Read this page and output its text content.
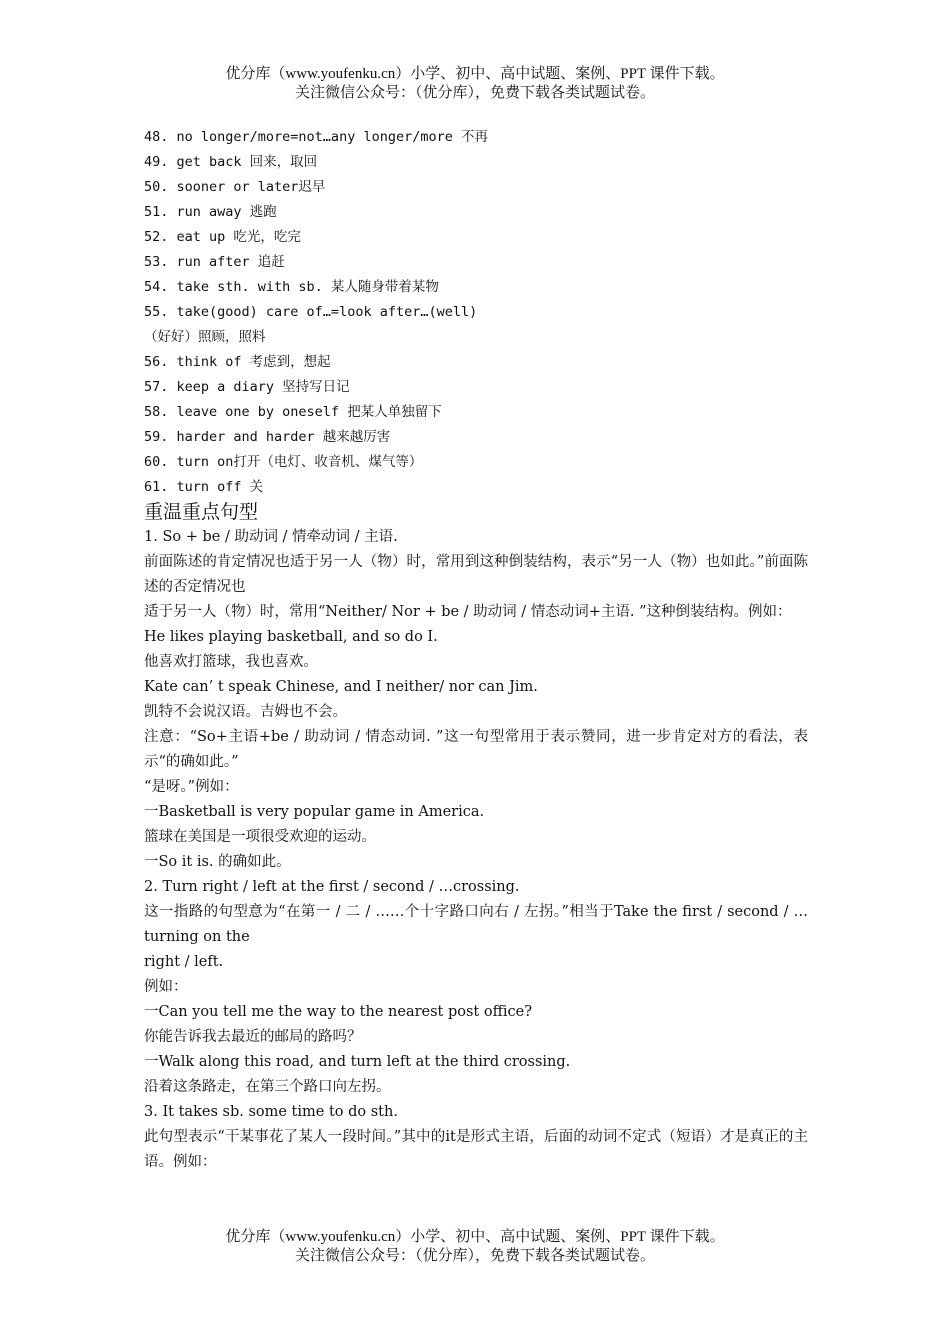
优分库（www.youfenku.cn）小学、初中、高中试题、案例、PPT 课件下载。
关注微信公众号：（优分库），免费下载各类试题试卷。
48. no longer/more=not…any longer/more 不再
49. get back 回来，取回
50. sooner or later迟早
51. run away 逃跑
52. eat up 吃光，吃完
53. run after 追赶
54. take sth. with sb. 某人随身带着某物
55. take(good) care of…=look after…(well)
（好好）照顾，照料
56. think of 考虑到，想起
57. keep a diary 坚持写日记
58. leave one by oneself 把某人单独留下
59. harder and harder 越来越厉害
60. turn on打开（电灯、收音机、煤气等）
61. turn off 关
重温重点句型
1. So + be / 助动词 / 情牵动词 / 主语.
前面陈述的肯定情况也适于另一人（物）时，常用到这种倒装结构，表示“另一人（物）也如此。”前面陈述的否定情况也
适于另一人（物）时，常用“Neither/ Nor + be / 助动词 / 情态动词+主语. ”这种倒装结构。例如：
He likes playing basketball, and so do I.
他喜欢打篮球，我也喜欢。
Kate can’ t speak Chinese, and I neither/ nor can Jim.
凯特不会说汉语。吉姆也不会。
注意：“So+主语+be / 助动词 / 情态动词. ”这一句型常用于表示赞同，进一步肯定对方的看法，表示“的确如此。”
“是呀。”例如：
一Basketball is very popular game in America.
篮球在美国是一项很受欢迎的运动。
一So it is. 的确如此。
2. Turn right / left at the first / second / …crossing.
这一指路的句型意为“在第一 / 二 / ……个十字路口向右 / 左拐。”相当于Take the first / second / …turning on the
right / left.
例如：
一Can you tell me the way to the nearest post office?
你能告诉我去最近的邮局的路吗？
一Walk along this road, and turn left at the third crossing.
沿着这条路走，在第三个路口向左拐。
3. It takes sb. some time to do sth.
此句型表示“干某事花了某人一段时间。”其中的it是形式主语，后面的动词不定式（短语）才是真正的主语。例如：
优分库（www.youfenku.cn）小学、初中、高中试题、案例、PPT 课件下载。
关注微信公众号：（优分库），免费下载各类试题试卷。
